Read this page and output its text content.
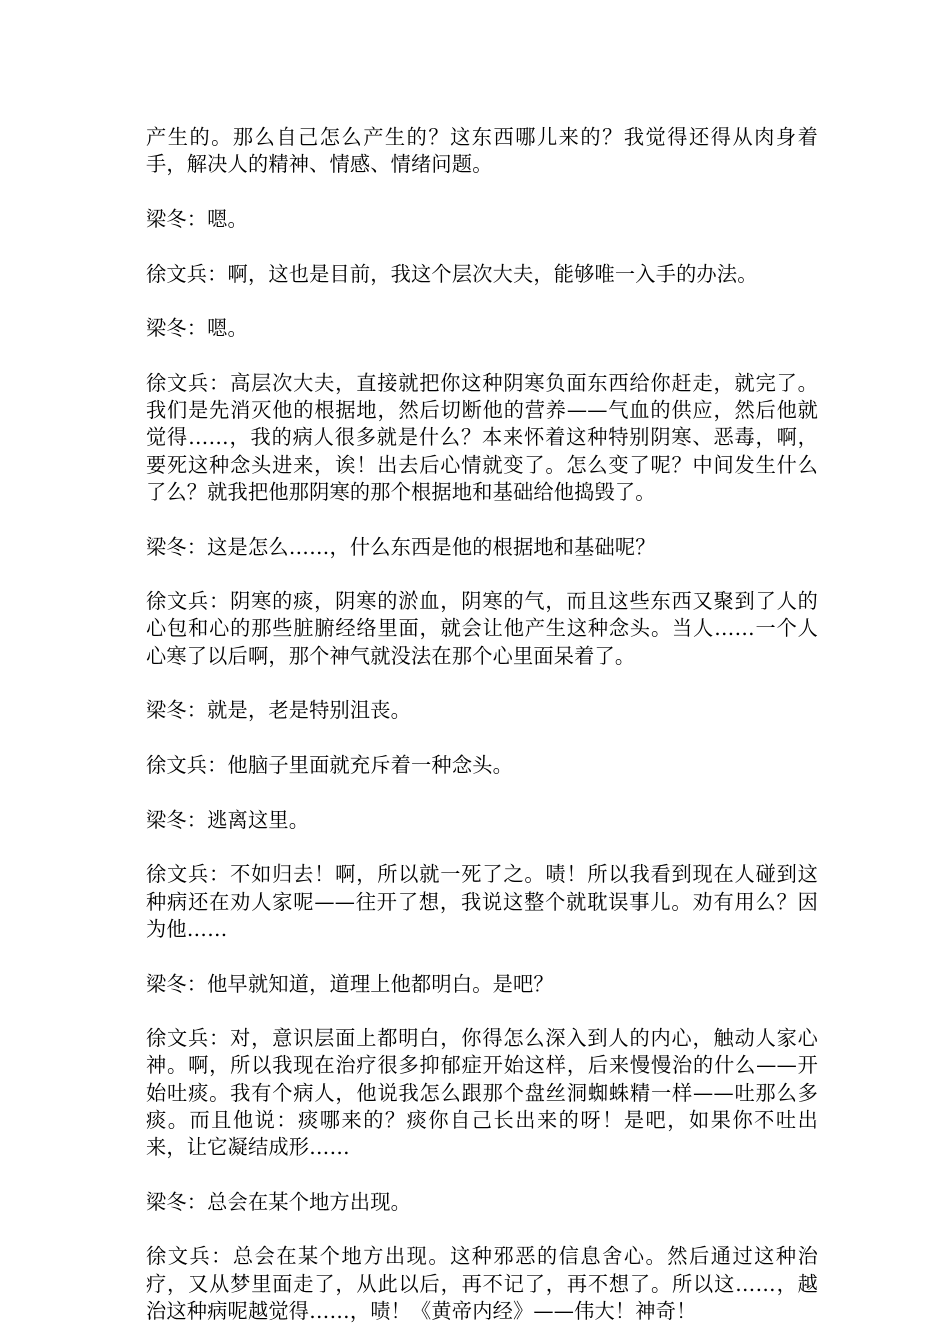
产生的。那么自己怎么产生的？这东西哪儿来的？我觉得还得从肉身着手，解决人的精神、情感、情绪问题。

梁冬：嗯。

徐文兵：啊，这也是目前，我这个层次大夫，能够唯一入手的办法。

梁冬：嗯。

徐文兵：高层次大夫，直接就把你这种阴寒负面东西给你赶走，就完了。我们是先消灭他的根据地，然后切断他的营养——气血的供应，然后他就觉得……，我的病人很多就是什么？本来怀着这种特别阴寒、恶毒，啊，要死这种念头进来，诶！出去后心情就变了。怎么变了呢？中间发生什么了么？就我把他那阴寒的那个根据地和基础给他捣毁了。

梁冬：这是怎么……，什么东西是他的根据地和基础呢？

徐文兵：阴寒的痰，阴寒的淤血，阴寒的气，而且这些东西又聚到了人的心包和心的那些脏腑经络里面，就会让他产生这种念头。当人……一个人心寒了以后啊，那个神气就没法在那个心里面呆着了。

梁冬：就是，老是特别沮丧。

徐文兵：他脑子里面就充斥着一种念头。

梁冬：逃离这里。

徐文兵：不如归去！啊，所以就一死了之。啧！所以我看到现在人碰到这种病还在劝人家呢——往开了想，我说这整个就耽误事儿。劝有用么？因为他……

梁冬：他早就知道，道理上他都明白。是吧？

徐文兵：对，意识层面上都明白，你得怎么深入到人的内心，触动人家心神。啊，所以我现在治疗很多抑郁症开始这样，后来慢慢治的什么——开始吐痰。我有个病人，他说我怎么跟那个盘丝洞蜘蛛精一样——吐那么多痰。而且他说：痰哪来的？痰你自己长出来的呀！是吧，如果你不吐出来，让它凝结成形……

梁冬：总会在某个地方出现。

徐文兵：总会在某个地方出现。这种邪恶的信息舍心。然后通过这种治疗，又从梦里面走了，从此以后，再不记了，再不想了。所以这……，越治这种病呢越觉得……，啧！《黄帝内经》——伟大！神奇！
